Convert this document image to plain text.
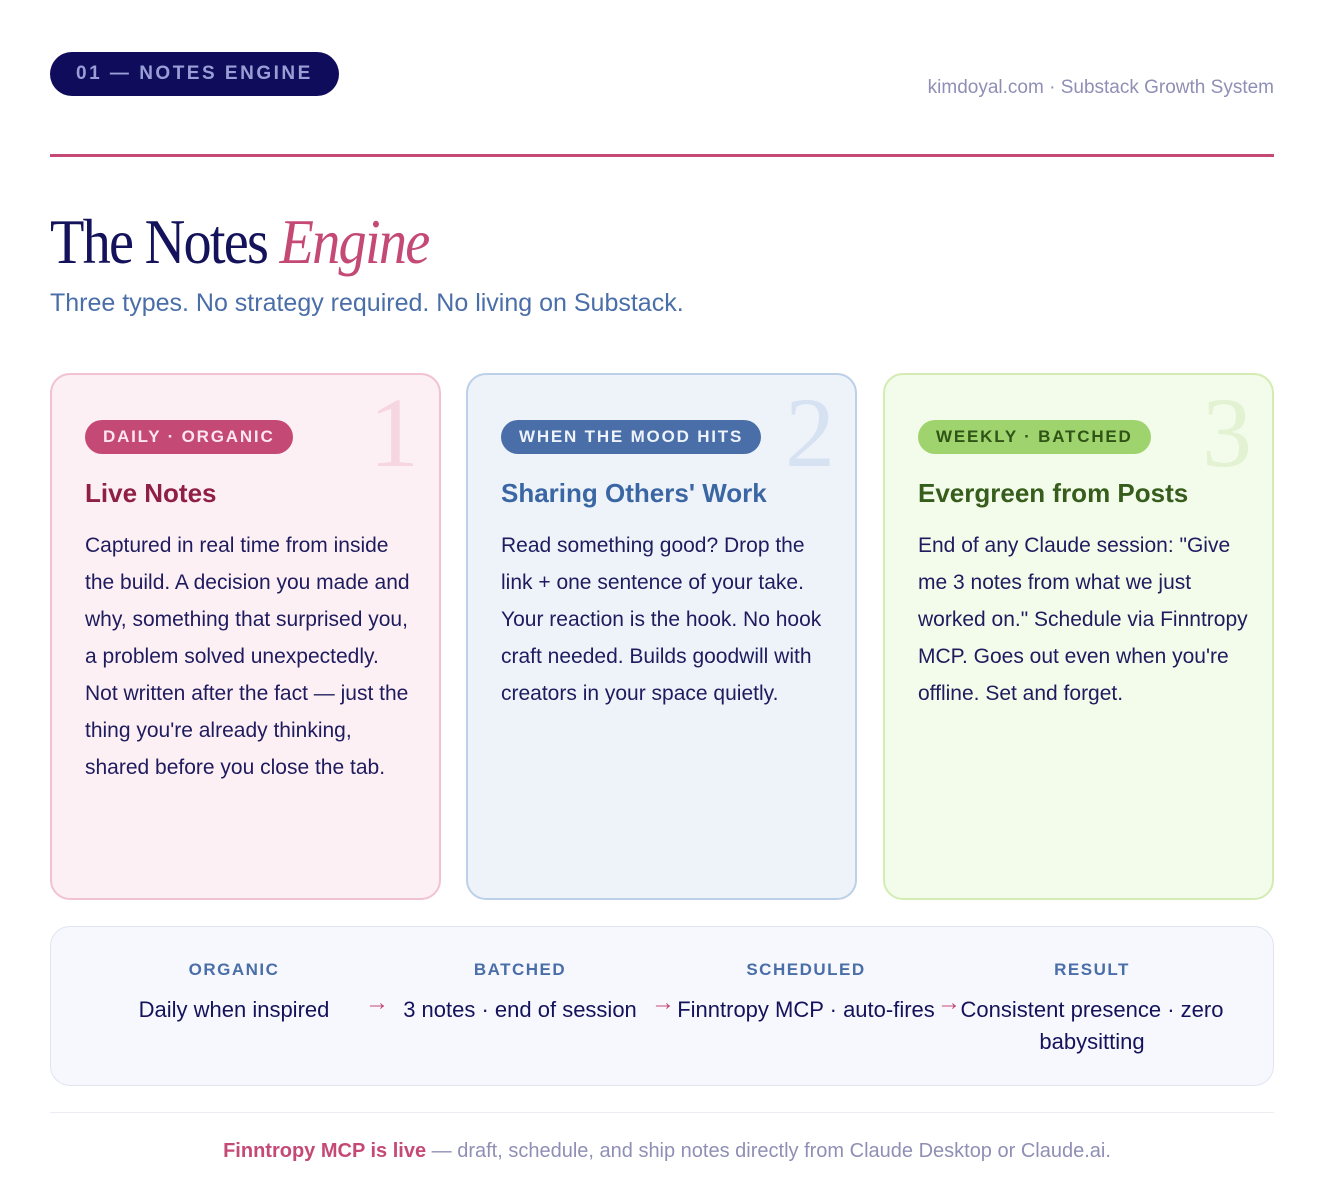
01 — NOTES ENGINE
kimdoyal.com · Substack Growth System
The Notes Engine
Three types. No strategy required. No living on Substack.
1
DAILY · ORGANIC
Live Notes
Captured in real time from inside the build. A decision you made and why, something that surprised you, a problem solved unexpectedly. Not written after the fact — just the thing you're already thinking, shared before you close the tab.
2
WHEN THE MOOD HITS
Sharing Others' Work
Read something good? Drop the link + one sentence of your take. Your reaction is the hook. No hook craft needed. Builds goodwill with creators in your space quietly.
3
WEEKLY · BATCHED
Evergreen from Posts
End of any Claude session: "Give me 3 notes from what we just worked on." Schedule via Finntropy MCP. Goes out even when you're offline. Set and forget.
ORGANIC
Daily when inspired	→
BATCHED
3 notes · end of session →
SCHEDULED
Finntropy MCP · auto-fires →
RESULT
Consistent presence · zero babysitting
Finntropy MCP is live — draft, schedule, and ship notes directly from Claude Desktop or Claude.ai.
